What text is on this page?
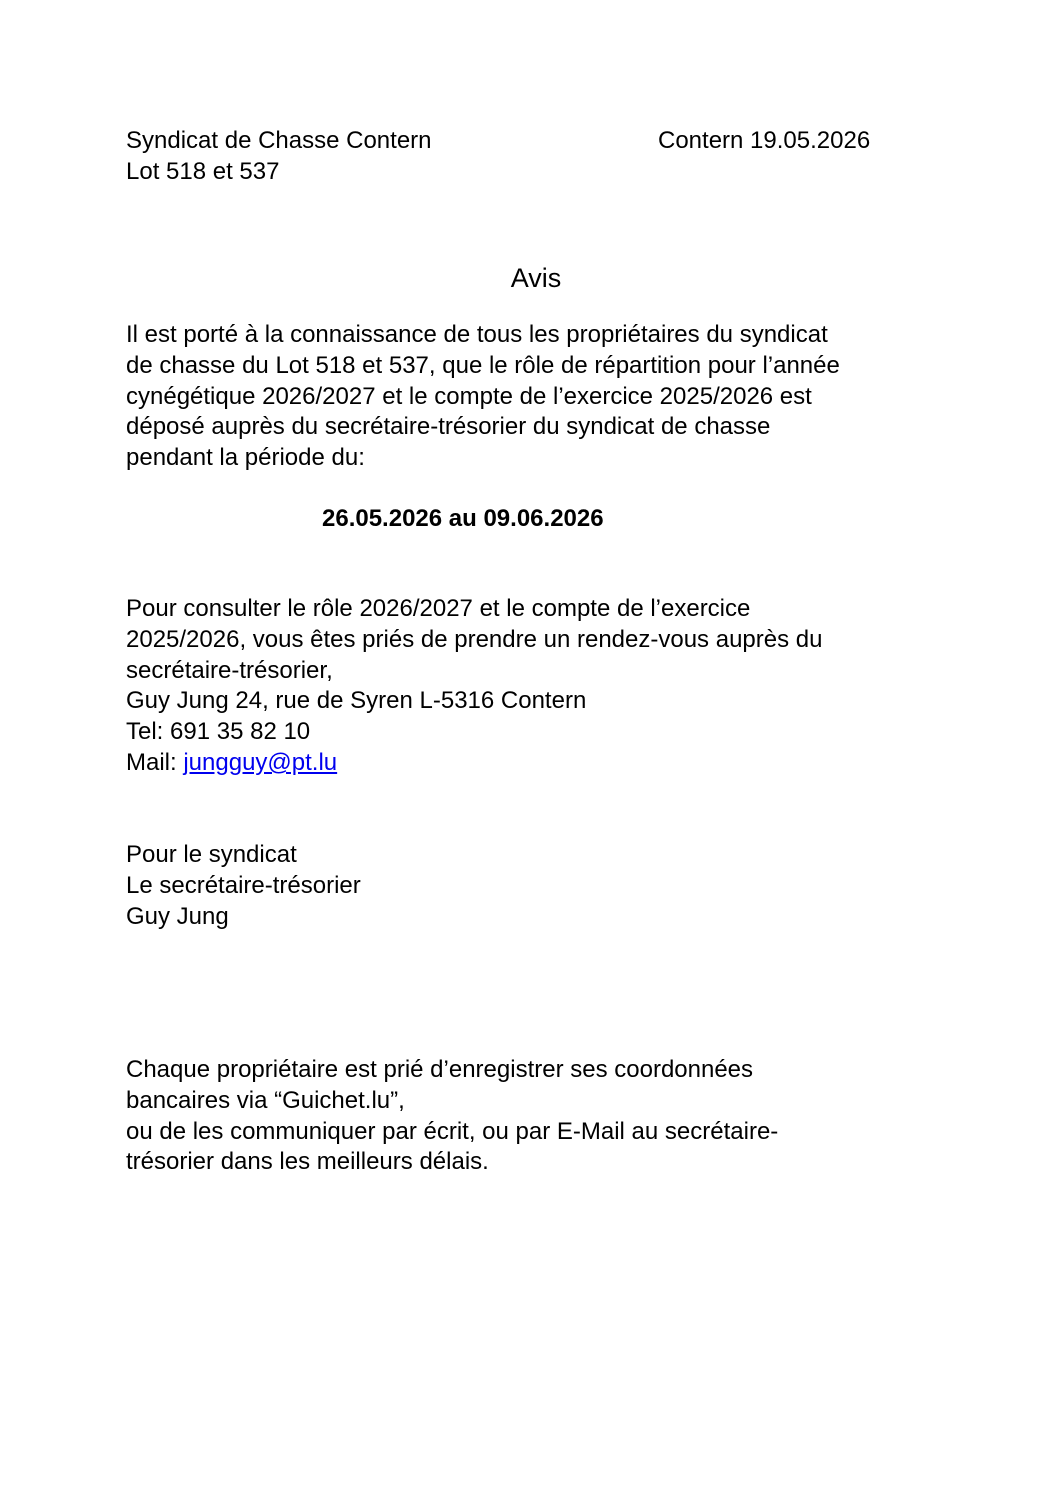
Syndicat de Chasse Contern
Lot 518 et 537
Contern 19.05.2026
Avis
Il est porté à la connaissance de tous les propriétaires du syndicat
de chasse du Lot 518 et 537, que le rôle de répartition pour l’année
cynégétique 2026/2027 et le compte de l’exercice 2025/2026 est
déposé auprès du secrétaire-trésorier du syndicat de chasse
pendant la période du:
26.05.2026 au 09.06.2026
Pour consulter le rôle 2026/2027 et le compte de l’exercice
2025/2026, vous êtes priés de prendre un rendez-vous auprès du
secrétaire-trésorier,
Guy Jung 24, rue de Syren L-5316 Contern
Tel: 691 35 82 10
Mail: jungguy@pt.lu
Pour le syndicat
Le secrétaire-trésorier
Guy Jung
Chaque propriétaire est prié d’enregistrer ses coordonnées
bancaires via “Guichet.lu”,
ou de les communiquer par écrit, ou par E-Mail au secrétaire-
trésorier dans les meilleurs délais.
